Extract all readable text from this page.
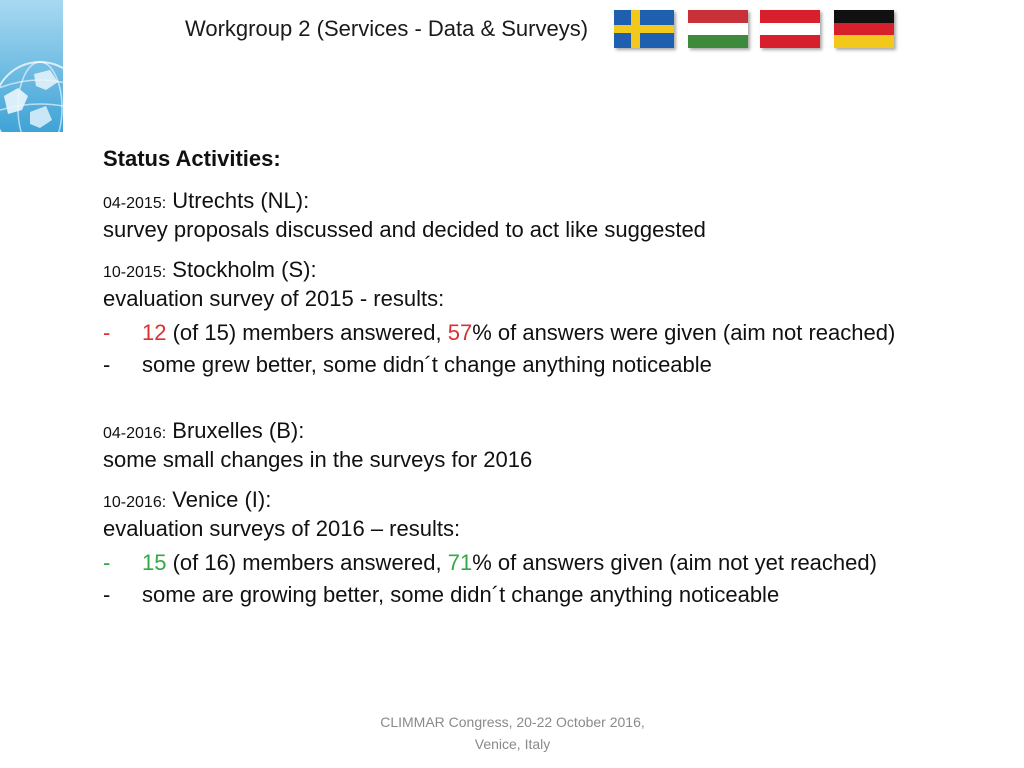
Workgroup 2 (Services - Data & Surveys)
Status Activities:
04-2015: Utrechts (NL):
survey proposals discussed and decided to act like suggested
10-2015: Stockholm (S):
evaluation survey of 2015 - results:
- 12 (of 15) members answered, 57% of answers were given (aim not reached)
- some grew better, some didn´t change anything noticeable
04-2016: Bruxelles (B):
some small changes in the surveys for 2016
10-2016: Venice (I):
evaluation surveys of 2016 – results:
- 15 (of 16) members answered, 71% of answers given (aim not yet reached)
- some are growing better, some didn´t change anything noticeable
CLIMMAR Congress, 20-22 October 2016,
Venice, Italy
